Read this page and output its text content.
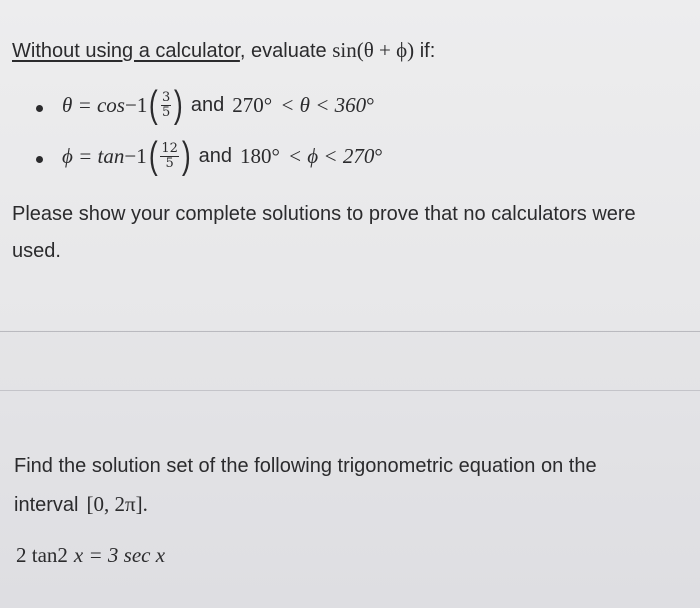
Without using a calculator, evaluate sin(θ + ϕ) if:
θ = cos −1 ( $\frac{3}{5}$ ) and 270 ° < θ < 360 °
ϕ = tan −1 ( $\frac{12}{5}$ ) and 180 ° < ϕ < 270 °
Please show your complete solutions to prove that no calculators were
used.
Find the solution set of the following trigonometric equation on the
interval [0, 2π].
2 tan 2 x = 3 sec x
